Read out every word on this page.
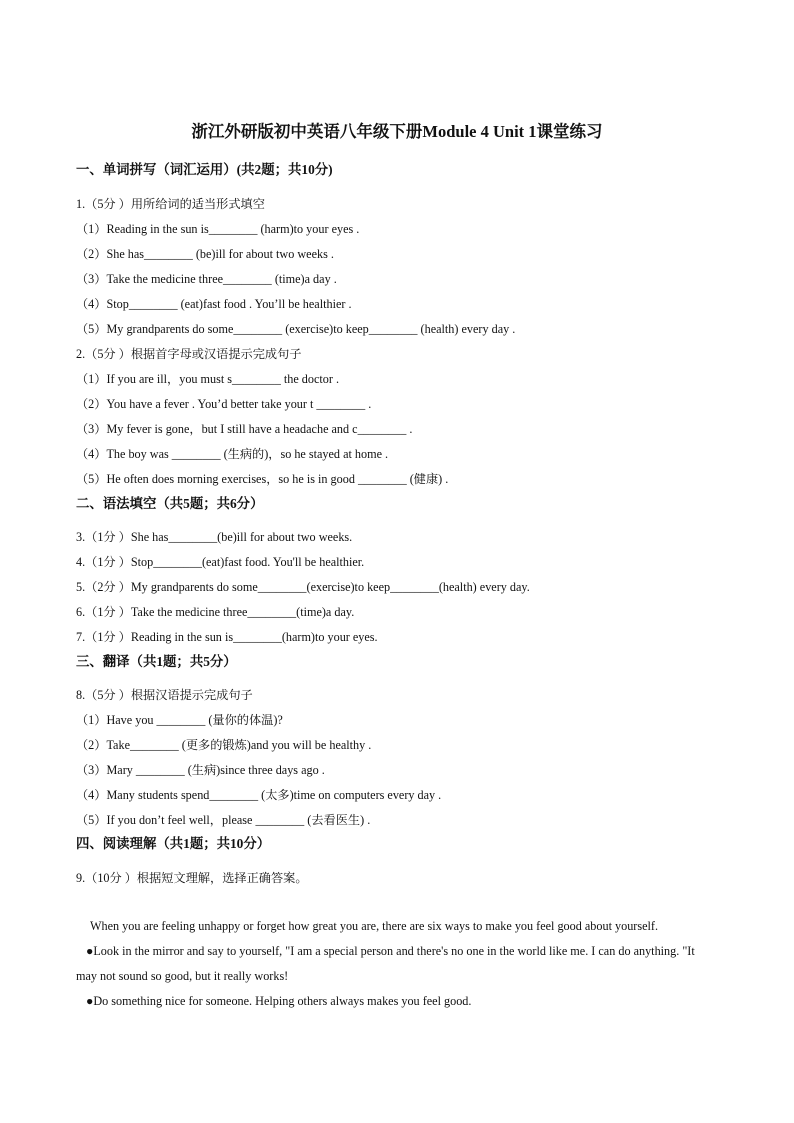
浙江外研版初中英语八年级下册Module 4 Unit 1课堂练习
一、单词拼写（词汇运用）(共2题；共10分)
1.（5分 ）用所给词的适当形式填空
（1）Reading in the sun is________ (harm)to your eyes .
（2）She has________ (be)ill for about two weeks .
（3）Take the medicine three________ (time)a day .
（4）Stop________ (eat)fast food . You’ll be healthier .
（5）My grandparents do some________ (exercise)to keep________ (health) every day .
2.（5分 ）根据首字母或汉语提示完成句子
（1）If you are ill，you must s________ the doctor .
（2）You have a fever . You’d better take your t ________ .
（3）My fever is gone，but I still have a headache and c________ .
（4）The boy was ________ (生病的)，so he stayed at home .
（5）He often does morning exercises，so he is in good ________ (健康) .
二、语法填空（共5题；共6分）
3.（1分 ）She has________(be)ill for about two weeks.
4.（1分 ）Stop________(eat)fast food. You'll be healthier.
5.（2分 ）My grandparents do some________(exercise)to keep________(health) every day.
6.（1分 ）Take the medicine three________(time)a day.
7.（1分 ）Reading in the sun is________(harm)to your eyes.
三、翻译（共1题；共5分）
8.（5分 ）根据汉语提示完成句子
（1）Have you ________ (量你的体温)?
（2）Take________ (更多的锻炼)and you will be healthy .
（3）Mary ________ (生病)since three days ago .
（4）Many students spend________ (太多)time on computers every day .
（5）If you don’t feel well，please ________ (去看医生) .
四、阅读理解（共1题；共10分）
9.（10分 ）根据短文理解，选择正确答案。

When you are feeling unhappy or forget how great you are, there are six ways to make you feel good about yourself.

●Look in the mirror and say to yourself, "I am a special person and there's no one in the world like me. I can do anything. "It may not sound so good, but it really works!

●Do something nice for someone. Helping others always makes you feel good.
